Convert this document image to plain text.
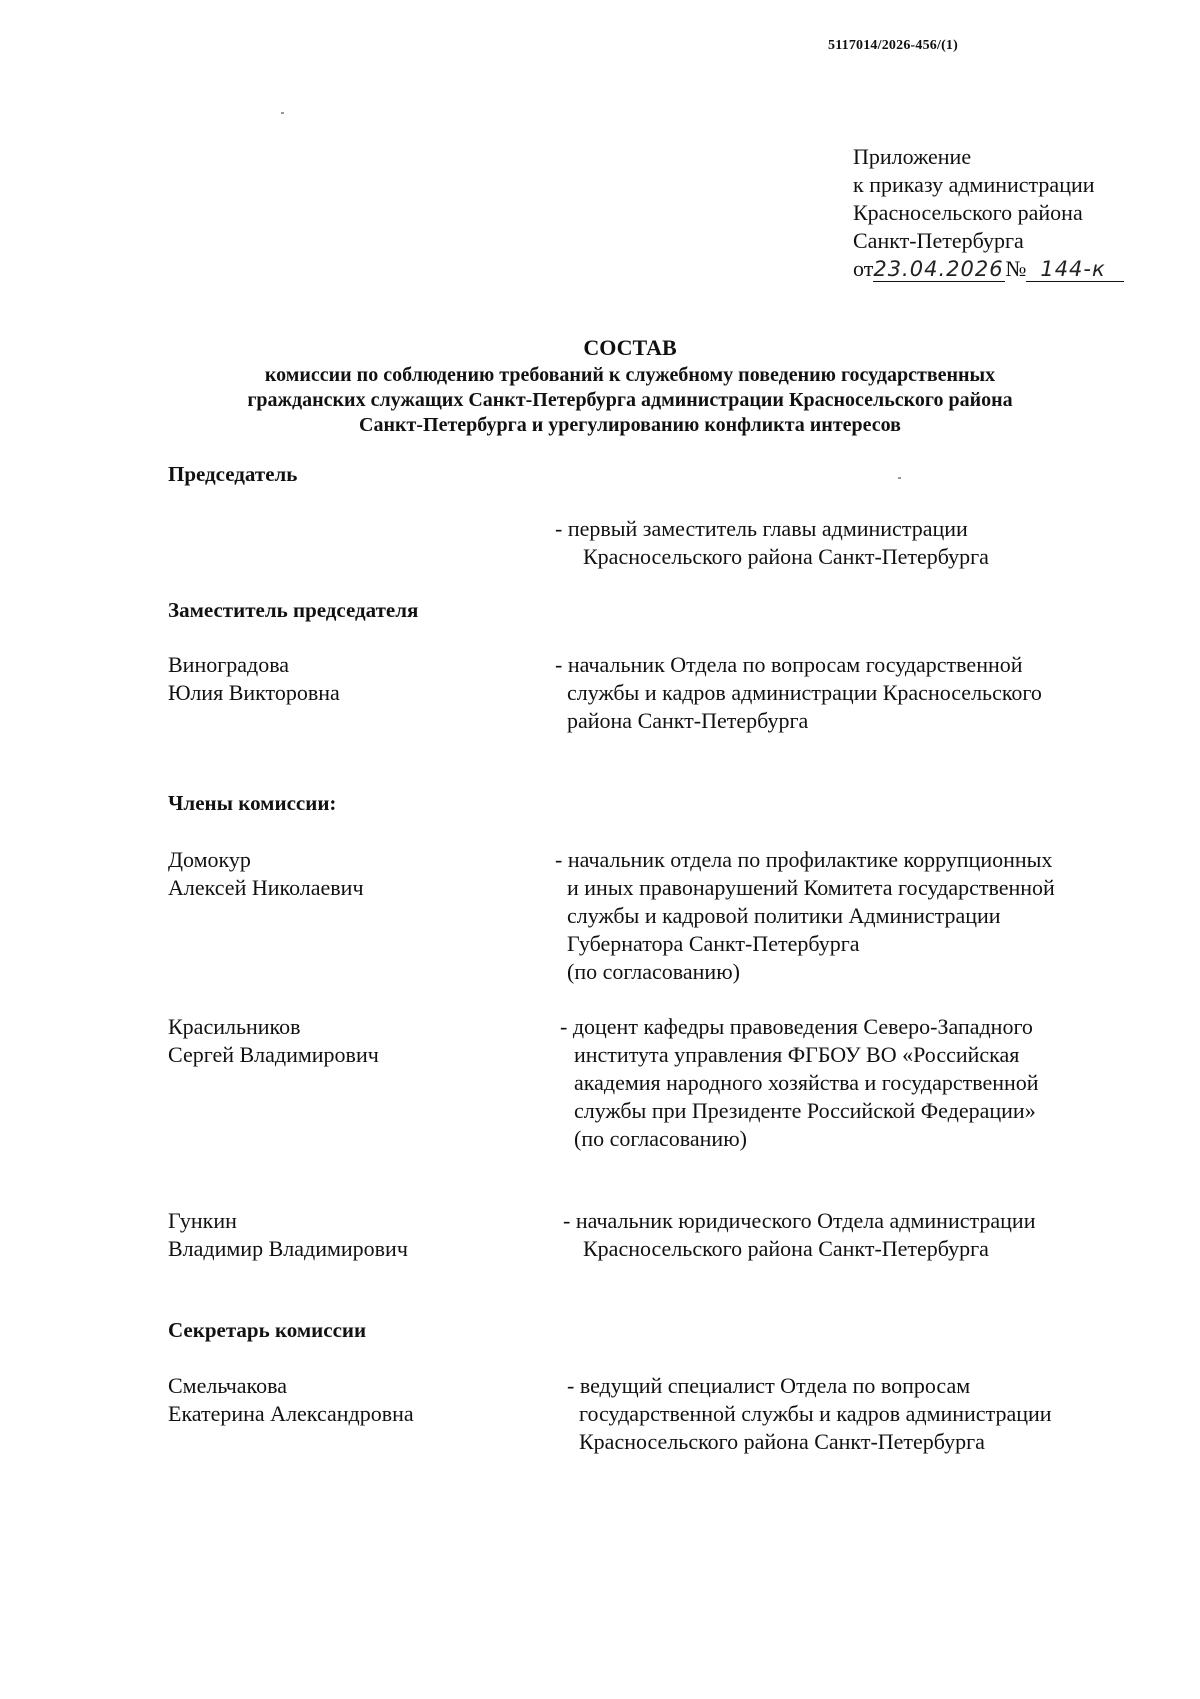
5117014/2026-456/(1)
Приложение
к приказу администрации
Красносельского района
Санкт-Петербурга
от23.04.2026№ 144-к
СОСТАВ
комиссии по соблюдению требований к служебному поведению государственных
гражданских служащих Санкт-Петербурга администрации Красносельского района
Санкт-Петербурга и урегулированию конфликта интересов
Председатель
- первый заместитель главы администрации
Красносельского района Санкт-Петербурга
Заместитель председателя
Виноградова
Юлия Викторовна
- начальник Отдела по вопросам государственной
службы и кадров администрации Красносельского
района Санкт-Петербурга
Члены комиссии:
Домокур
Алексей Николаевич
- начальник отдела по профилактике коррупционных
и иных правонарушений Комитета государственной
службы и кадровой политики Администрации
Губернатора Санкт-Петербурга
(по согласованию)
Красильников
Сергей Владимирович
- доцент кафедры правоведения Северо-Западного
института управления ФГБОУ ВО «Российская
академия народного хозяйства и государственной
службы при Президенте Российской Федерации»
(по согласованию)
Гункин
Владимир Владимирович
- начальник юридического Отдела администрации
Красносельского района Санкт-Петербурга
Секретарь комиссии
Смельчакова
Екатерина Александровна
- ведущий специалист Отдела по вопросам
государственной службы и кадров администрации
Красносельского района Санкт-Петербурга
